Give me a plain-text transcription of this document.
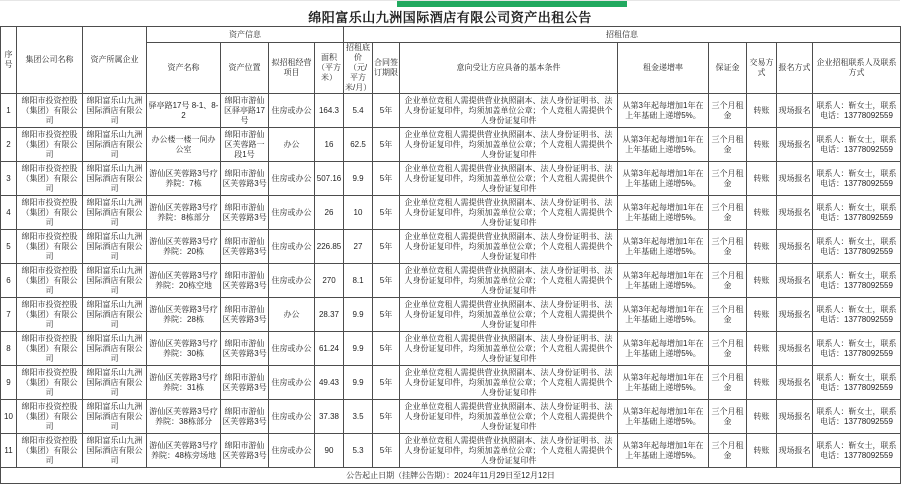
绵阳富乐山九洲国际酒店有限公司资产出租公告
序号	集团公司名称	资产所属企业	资产信息				招租信息							
			资产名称	资产位置	拟招租经营项目	面积（平方米）	招租底价（元/平方米/月）	合同签订期限	意向受让方应具备的基本条件	租金递增率	保证金	交易方式	报名方式	企业招租联系人及联系方式
1	绵阳市投资控股（集团）有限公司	绵阳富乐山九洲国际酒店有限公司	驿亭路17号 8-1、8-2	绵阳市游仙区驿亭路17号	住房或办公	164.3	5.4	5年	企业单位竞租人需提供营业执照副本、法人身份证明书、法人身份证复印件，均须加盖单位公章；个人竞租人需提供个人身份证复印件	从第3年起每增加1年在上年基础上递增5%。	三个月租金	转账	现场报名	联系人：靳女士，联系电话：13778092559
2	绵阳市投资控股（集团）有限公司	绵阳富乐山九洲国际酒店有限公司	办公楼一楼一间办公室	绵阳市游仙区芙蓉路一段1号	办公	16	62.5	5年	企业单位竞租人需提供营业执照副本、法人身份证明书、法人身份证复印件，均须加盖单位公章；个人竞租人需提供个人身份证复印件	从第3年起每增加1年在上年基础上递增5%。	三个月租金	转账	现场报名	联系人：靳女士，联系电话：13778092559
3	绵阳市投资控股（集团）有限公司	绵阳富乐山九洲国际酒店有限公司	游仙区芙蓉路3号疗养院：7栋	绵阳市游仙区芙蓉路3号	住房或办公	507.16	9.9	5年	企业单位竞租人需提供营业执照副本、法人身份证明书、法人身份证复印件，均须加盖单位公章；个人竞租人需提供个人身份证复印件	从第3年起每增加1年在上年基础上递增5%。	三个月租金	转账	现场报名	联系人：靳女士，联系电话：13778092559
4	绵阳市投资控股（集团）有限公司	绵阳富乐山九洲国际酒店有限公司	游仙区芙蓉路3号疗养院：8栋部分	绵阳市游仙区芙蓉路3号	住房或办公	26	10	5年	企业单位竞租人需提供营业执照副本、法人身份证明书、法人身份证复印件，均须加盖单位公章；个人竞租人需提供个人身份证复印件	从第3年起每增加1年在上年基础上递增5%。	三个月租金	转账	现场报名	联系人：靳女士，联系电话：13778092559
5	绵阳市投资控股（集团）有限公司	绵阳富乐山九洲国际酒店有限公司	游仙区芙蓉路3号疗养院：20栋	绵阳市游仙区芙蓉路3号	住房或办公	226.85	27	5年	企业单位竞租人需提供营业执照副本、法人身份证明书、法人身份证复印件，均须加盖单位公章；个人竞租人需提供个人身份证复印件	从第3年起每增加1年在上年基础上递增5%。	三个月租金	转账	现场报名	联系人：靳女士，联系电话：13778092559
6	绵阳市投资控股（集团）有限公司	绵阳富乐山九洲国际酒店有限公司	游仙区芙蓉路3号疗养院：20栋空地	绵阳市游仙区芙蓉路3号	住房或办公	270	8.1	5年	企业单位竞租人需提供营业执照副本、法人身份证明书、法人身份证复印件，均须加盖单位公章；个人竞租人需提供个人身份证复印件	从第3年起每增加1年在上年基础上递增5%。	三个月租金	转账	现场报名	联系人：靳女士，联系电话：13778092559
7	绵阳市投资控股（集团）有限公司	绵阳富乐山九洲国际酒店有限公司	游仙区芙蓉路3号疗养院：28栋	绵阳市游仙区芙蓉路3号	办公	28.37	9.9	5年	企业单位竞租人需提供营业执照副本、法人身份证明书、法人身份证复印件，均须加盖单位公章；个人竞租人需提供个人身份证复印件	从第3年起每增加1年在上年基础上递增5%。	三个月租金	转账	现场报名	联系人：靳女士，联系电话：13778092559
8	绵阳市投资控股（集团）有限公司	绵阳富乐山九洲国际酒店有限公司	游仙区芙蓉路3号疗养院：30栋	绵阳市游仙区芙蓉路3号	住房或办公	61.24	9.9	5年	企业单位竞租人需提供营业执照副本、法人身份证明书、法人身份证复印件，均须加盖单位公章；个人竞租人需提供个人身份证复印件	从第3年起每增加1年在上年基础上递增5%。	三个月租金	转账	现场报名	联系人：靳女士，联系电话：13778092559
9	绵阳市投资控股（集团）有限公司	绵阳富乐山九洲国际酒店有限公司	游仙区芙蓉路3号疗养院：31栋	绵阳市游仙区芙蓉路3号	住房或办公	49.43	9.9	5年	企业单位竞租人需提供营业执照副本、法人身份证明书、法人身份证复印件，均须加盖单位公章；个人竞租人需提供个人身份证复印件	从第3年起每增加1年在上年基础上递增5%。	三个月租金	转账	现场报名	联系人：靳女士，联系电话：13778092559
10	绵阳市投资控股（集团）有限公司	绵阳富乐山九洲国际酒店有限公司	游仙区芙蓉路3号疗养院：38栋部分	绵阳市游仙区芙蓉路3号	住房或办公	37.38	3.5	5年	企业单位竞租人需提供营业执照副本、法人身份证明书、法人身份证复印件，均须加盖单位公章；个人竞租人需提供个人身份证复印件	从第3年起每增加1年在上年基础上递增5%。	三个月租金	转账	现场报名	联系人：靳女士，联系电话：13778092559
11	绵阳市投资控股（集团）有限公司	绵阳富乐山九洲国际酒店有限公司	游仙区芙蓉路3号疗养院：48栋旁场地	绵阳市游仙区芙蓉路3号	住房或办公	90	5.3	5年	企业单位竞租人需提供营业执照副本、法人身份证明书、法人身份证复印件，均须加盖单位公章；个人竞租人需提供个人身份证复印件	从第3年起每增加1年在上年基础上递增5%。	三个月租金	转账	现场报名	联系人：靳女士，联系电话：13778092559
公告起止日期（挂牌公告期）：2024年11月29日至12月12日														
